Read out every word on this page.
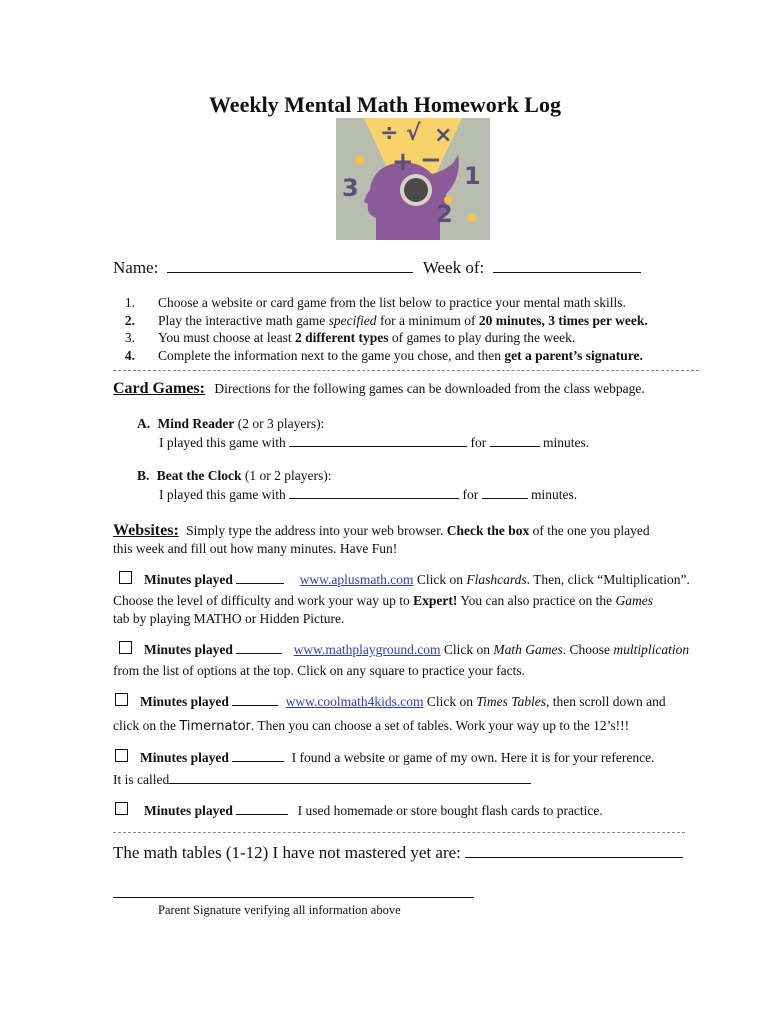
Weekly Mental Math Homework Log
÷ √ ×
+ −
3	1
2
Name:	Week of:
1. Choose a website or card game from the list below to practice your mental math skills.
2. Play the interactive math game specified for a minimum of 20 minutes, 3 times per week.
3. You must choose at least 2 different types of games to play during the week.
4. Complete the information next to the game you chose, and then get a parent’s signature.
Card Games: Directions for the following games can be downloaded from the class webpage.
A. Mind Reader (2 or 3 players):
I played this game with	for	minutes.
B. Beat the Clock (1 or 2 players):
I played this game with	for	minutes.
Websites: Simply type the address into your web browser. Check the box of the one you played
this week and fill out how many minutes. Have Fun!
Minutes played	www.aplusmath.com Click on Flashcards. Then, click “Multiplication”.
Choose the level of difficulty and work your way up to Expert! You can also practice on the Games
tab by playing MATHO or Hidden Picture.
Minutes played	www.mathplayground.com Click on Math Games. Choose multiplication
from the list of options at the top. Click on any square to practice your facts.
Minutes played	www.coolmath4kids.com Click on Times Tables, then scroll down and
click on the Timernator. Then you can choose a set of tables. Work your way up to the 12’s!!!
Minutes played	I found a website or game of my own. Here it is for your reference.
It is called
Minutes played	I used homemade or store bought flash cards to practice.
The math tables (1-12) I have not mastered yet are:
Parent Signature verifying all information above
